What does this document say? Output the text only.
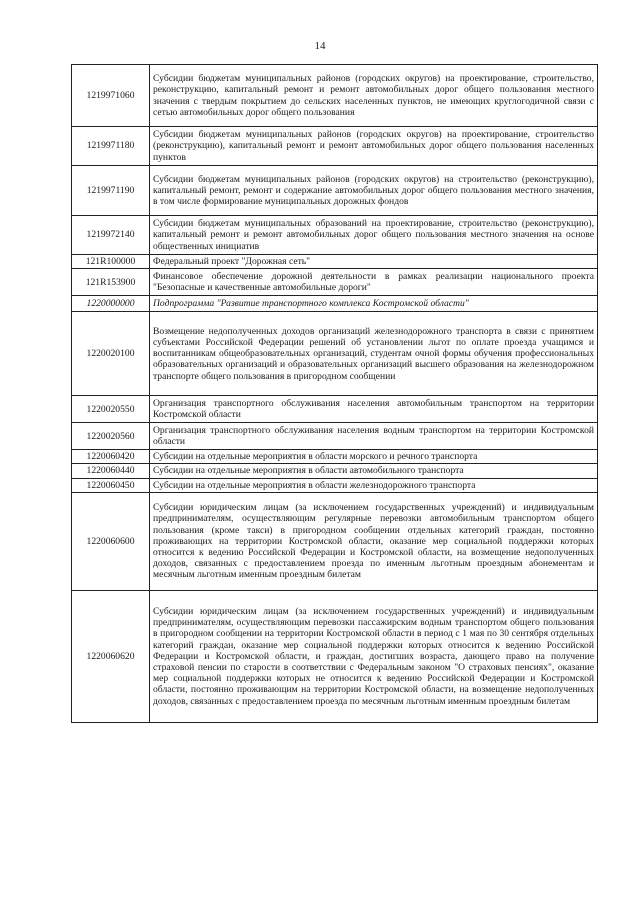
14
1219971060	Субсидии бюджетам муниципальных районов (городских округов) на проектирование, строительство, реконструкцию, капитальный ремонт и ремонт автомобильных дорог общего пользования местного значения с твердым покрытием до сельских населенных пунктов, не имеющих круглогодичной связи с сетью автомобильных дорог общего пользования
1219971180	Субсидии бюджетам муниципальных районов (городских округов) на проектирование, строительство (реконструкцию), капитальный ремонт и ремонт автомобильных дорог общего пользования населенных пунктов
1219971190	Субсидии бюджетам муниципальных районов (городских округов) на строительство (реконструкцию), капитальный ремонт, ремонт и содержание автомобильных дорог общего пользования местного значения, в том числе формирование муниципальных дорожных фондов
1219972140	Субсидии бюджетам муниципальных образований на проектирование, строительство (реконструкцию), капитальный ремонт и ремонт автомобильных дорог общего пользования местного значения на основе общественных инициатив
121R100000	Федеральный проект "Дорожная сеть"
121R153900	Финансовое обеспечение дорожной деятельности в рамках реализации национального проекта "Безопасные и качественные автомобильные дороги"
1220000000	Подпрограмма "Развитие транспортного комплекса Костромской области"
1220020100	Возмещение недополученных доходов организаций железнодорожного транспорта в связи с принятием субъектами Российской Федерации решений об установлении льгот по оплате проезда учащимся и воспитанникам общеобразовательных организаций, студентам очной формы обучения профессиональных образовательных организаций и образовательных организаций высшего образования на железнодорожном транспорте общего пользования в пригородном сообщении
1220020550	Организация транспортного обслуживания населения автомобильным транспортом на территории Костромской области
1220020560	Организация транспортного обслуживания населения водным транспортом на территории Костромской области
1220060420	Субсидии на отдельные мероприятия в области морского и речного транспорта
1220060440	Субсидии на отдельные мероприятия в области автомобильного транспорта
1220060450	Субсидии на отдельные мероприятия в области железнодорожного транспорта
1220060600	Субсидии юридическим лицам (за исключением государственных учреждений) и индивидуальным предпринимателям, осуществляющим регулярные перевозки автомобильным транспортом общего пользования (кроме такси) в пригородном сообщении отдельных категорий граждан, постоянно проживающих на территории Костромской области, оказание мер социальной поддержки которых относится к ведению Российской Федерации и Костромской области, на возмещение недополученных доходов, связанных с предоставлением проезда по именным льготным проездным абонементам и месячным льготным именным проездным билетам
1220060620	Субсидии юридическим лицам (за исключением государственных учреждений) и индивидуальным предпринимателям, осуществляющим перевозки пассажирским водным транспортом общего пользования в пригородном сообщении на территории Костромской области в период с 1 мая по 30 сентября отдельных категорий граждан, оказание мер социальной поддержки которых относится к ведению Российской Федерации и Костромской области, и граждан, достигших возраста, дающего право на получение страховой пенсии по старости в соответствии с Федеральным законом "О страховых пенсиях", оказание мер социальной поддержки которых не относится к ведению Российской Федерации и Костромской области, постоянно проживающим на территории Костромской области, на возмещение недополученных доходов, связанных с предоставлением проезда по месячным льготным именным проездным билетам
